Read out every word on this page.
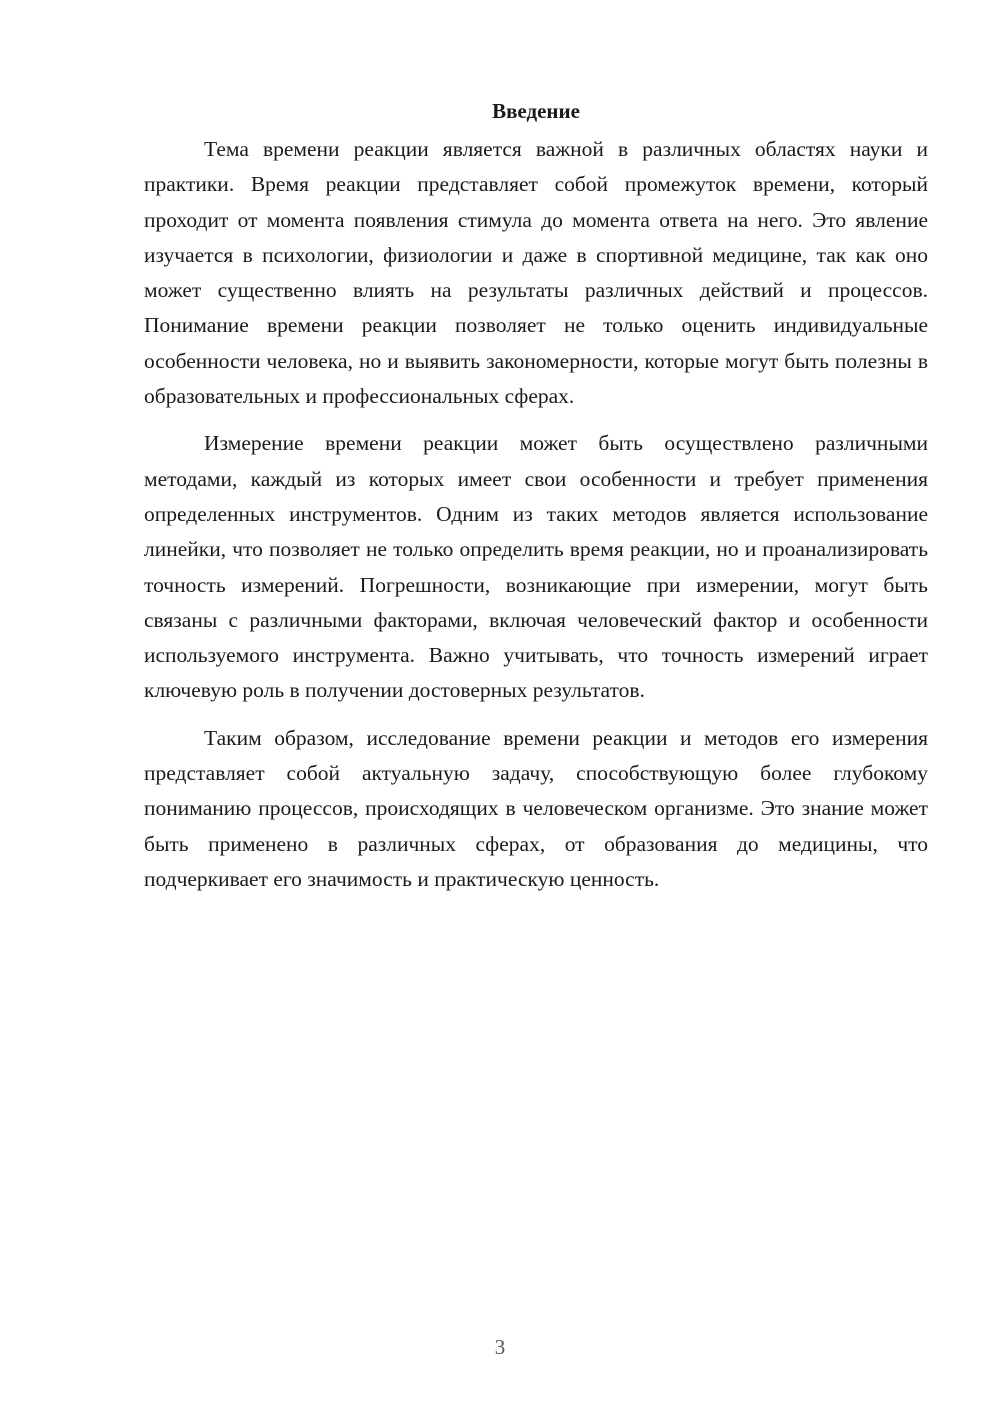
Введение

Тема времени реакции является важной в различных областях науки и практики. Время реакции представляет собой промежуток времени, который проходит от момента появления стимула до момента ответа на него. Это явление изучается в психологии, физиологии и даже в спортивной медицине, так как оно может существенно влиять на результаты различных действий и процессов. Понимание времени реакции позволяет не только оценить индивидуальные особенности человека, но и выявить закономерности, которые могут быть полезны в образовательных и профессиональных сферах.

Измерение времени реакции может быть осуществлено различными методами, каждый из которых имеет свои особенности и требует применения определенных инструментов. Одним из таких методов является использование линейки, что позволяет не только определить время реакции, но и проанализировать точность измерений. Погрешности, возникающие при измерении, могут быть связаны с различными факторами, включая человеческий фактор и особенности используемого инструмента. Важно учитывать, что точность измерений играет ключевую роль в получении достоверных результатов.

Таким образом, исследование времени реакции и методов его измерения представляет собой актуальную задачу, способствующую более глубокому пониманию процессов, происходящих в человеческом организме. Это знание может быть применено в различных сферах, от образования до медицины, что подчеркивает его значимость и практическую ценность.

3
